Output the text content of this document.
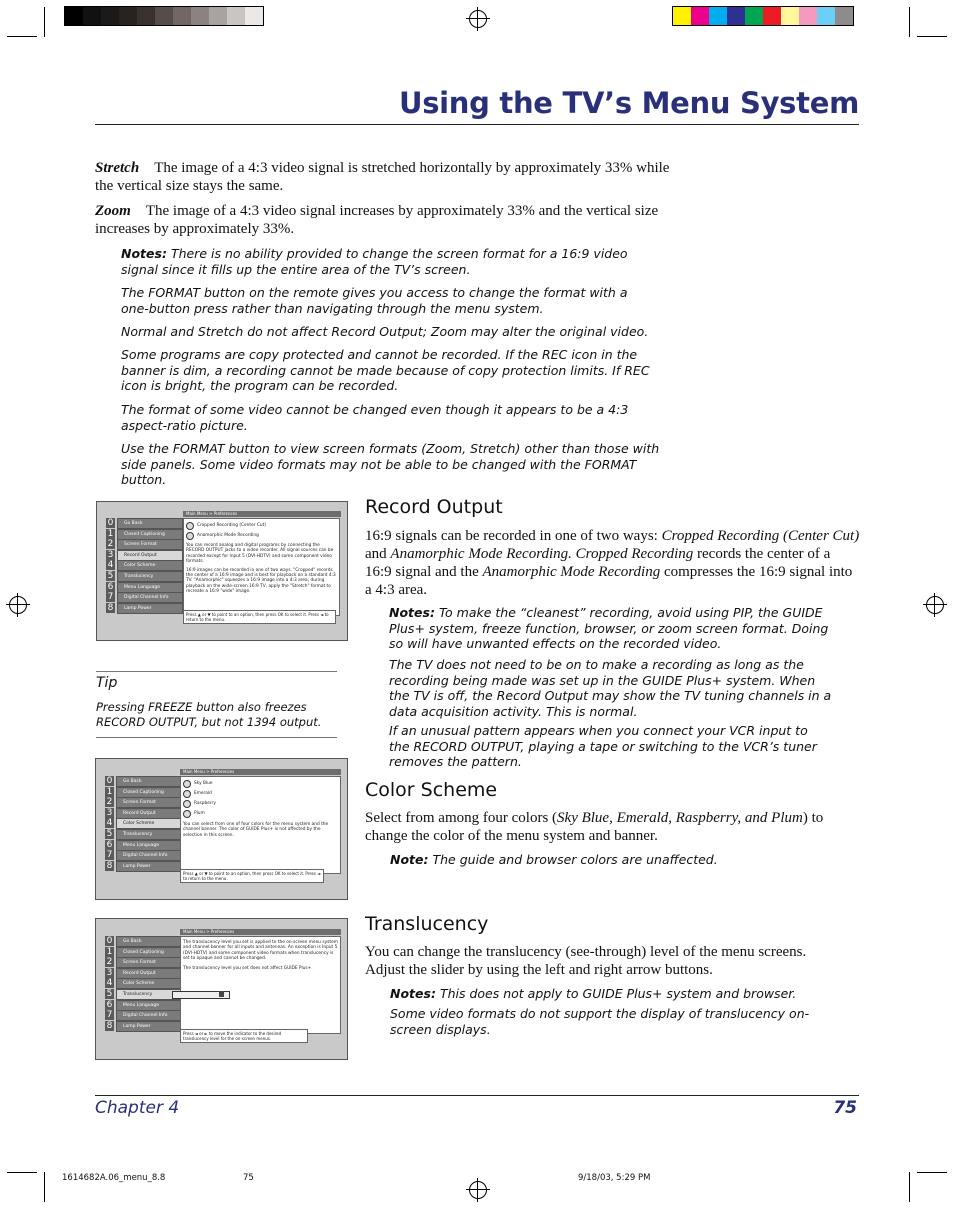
Using the TV’s Menu System
Stretch The image of a 4:3 video signal is stretched horizontally by approximately 33% while the vertical size stays the same.
Zoom The image of a 4:3 video signal increases by approximately 33% and the vertical size increases by approximately 33%.
Notes: There is no ability provided to change the screen format for a 16:9 video signal since it fills up the entire area of the TV’s screen.
The FORMAT button on the remote gives you access to change the format with a one-button press rather than navigating through the menu system.
Normal and Stretch do not affect Record Output; Zoom may alter the original video.
Some programs are copy protected and cannot be recorded. If the REC icon in the banner is dim, a recording cannot be made because of copy protection limits. If REC icon is bright, the program can be recorded.
The format of some video cannot be changed even though it appears to be a 4:3 aspect-ratio picture.
Use the FORMAT button to view screen formats (Zoom, Stretch) other than those with side panels. Some video formats may not be able to be changed with the FORMAT button.
0	Go Back
1	Closed Captioning
2	Screen Format
3	Record Output
4	Color Scheme
5	Translucency
6	Menu Language
7	Digital Channel Info
8	Lamp Power
Main Menu > Preferences
Cropped Recording (Center Cut)
Anamorphic Mode Recording
You can record analog and digital programs by connecting the RECORD OUTPUT jacks to a video recorder. All signal sources can be recorded except for Input 5 (DVI-HDTV) and some component video formats.
16:9 images can be recorded in one of two ways. "Cropped" records the center of a 16:9 image and is best for playback on a standard 4:3 TV. "Anamorphic" squeezes a 16:9 image into a 4:3 area; during playback on the wide-screen 16:9 TV, apply the "Stretch" format to recreate a 16:9 "wide" image.
Press ▲ or ▼ to point to an option, then press OK to select it. Press ◄ to return to the menu.
Tip
Pressing FREEZE button also freezes RECORD OUTPUT, but not 1394 output.
Record Output
16:9 signals can be recorded in one of two ways: Cropped Recording (Center Cut) and Anamorphic Mode Recording. Cropped Recording records the center of a 16:9 signal and the Anamorphic Mode Recording compresses the 16:9 signal into a 4:3 area.
Notes: To make the “cleanest” recording, avoid using PIP, the GUIDE Plus+ system, freeze function, browser, or zoom screen format. Doing so will have unwanted effects on the recorded video.
The TV does not need to be on to make a recording as long as the recording being made was set up in the GUIDE Plus+ system. When the TV is off, the Record Output may show the TV tuning channels in a data acquisition activity. This is normal.
If an unusual pattern appears when you connect your VCR input to the RECORD OUTPUT, playing a tape or switching to the VCR’s tuner removes the pattern.
0	Go Back
1	Closed Captioning
2	Screen Format
3	Record Output
4	Color Scheme
5	Translucency
6	Menu Language
7	Digital Channel Info
8	Lamp Power
Main Menu > Preferences
Sky Blue
Emerald
Raspberry
Plum
You can select from one of four colors for the menu system and the channel banner. The color of GUIDE Plus+ is not affected by the selection in this screen.
Press ▲ or ▼ to point to an option, then press OK to select it. Press ◄ to return to the menu.
Color Scheme
Select from among four colors (Sky Blue, Emerald, Raspberry, and Plum) to change the color of the menu system and banner.
Note: The guide and browser colors are unaffected.
0	Go Back
1	Closed Captioning
2	Screen Format
3	Record Output
4	Color Scheme
5	Translucency
6	Menu Language
7	Digital Channel Info
8	Lamp Power
Main Menu > Preferences
The translucency level you set is applied to the on-screen menu system and channel banner for all inputs and antennas. An exception is Input 5 (DVI-HDTV) and some component video formats when translucency is set to opaque and cannot be changed.
The translucency level you set does not affect GUIDE Plus+.
Press ◄ or ► to move the indicator to the desired translucency level for the on-screen menus.
Translucency
You can change the translucency (see-through) level of the menu screens. Adjust the slider by using the left and right arrow buttons.
Notes: This does not apply to GUIDE Plus+ system and browser.
Some video formats do not support the display of translucency on-screen displays.
Chapter 4	75
1614682A.06_menu_8.8	75	9/18/03, 5:29 PM
